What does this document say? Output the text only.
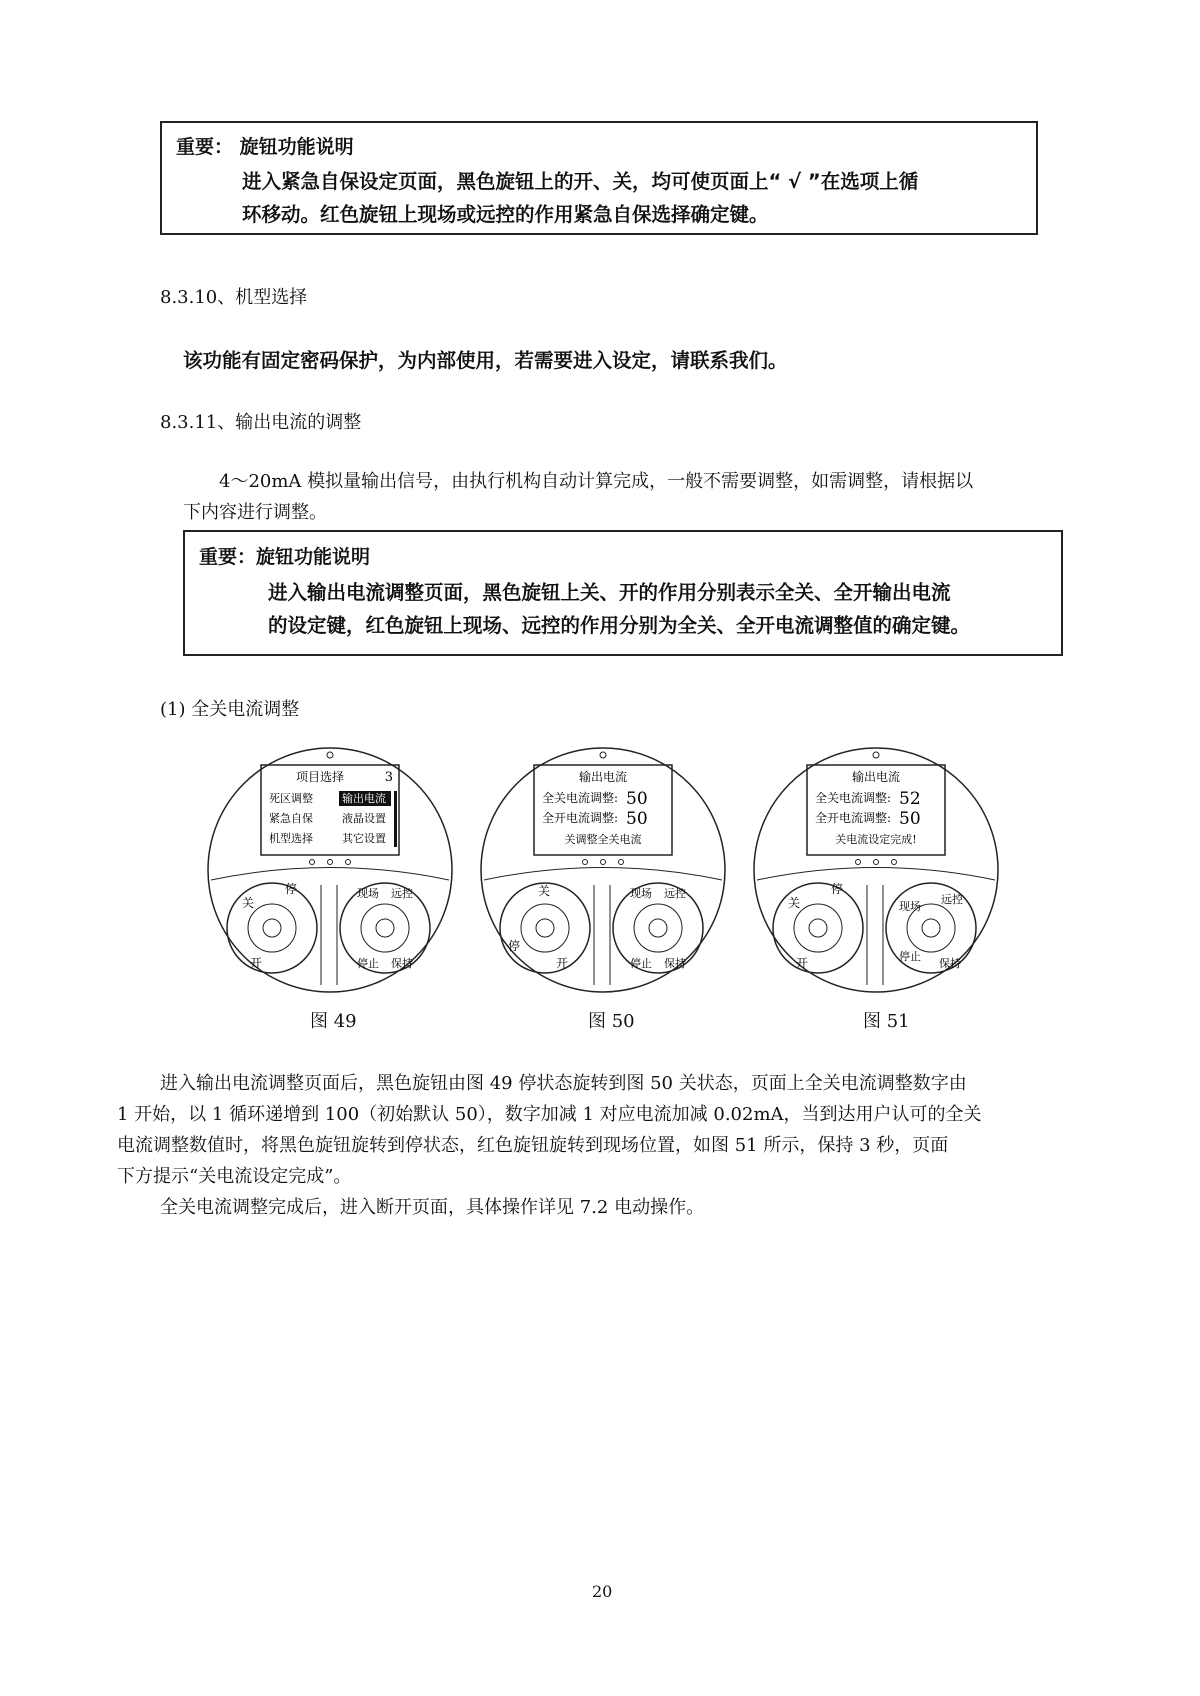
重要： 旋钮功能说明
进入紧急自保设定页面，黑色旋钮上的开、关，均可使页面上“ √ ”在选项上循
环移动。红色旋钮上现场或远控的作用紧急自保选择确定键。
8.3.10、机型选择
该功能有固定密码保护，为内部使用，若需要进入设定，请联系我们。
8.3.11、输出电流的调整
4～20mA 模拟量输出信号，由执行机构自动计算完成，一般不需要调整，如需调整，请根据以
下内容进行调整。
重要：旋钮功能说明
进入输出电流调整页面，黑色旋钮上关、开的作用分别表示全关、全开输出电流
的设定键，红色旋钮上现场、远控的作用分别为全关、全开电流调整值的确定键。
(1) 全关电流调整
项目选择	3
死区调整	输出电流
紧急自保	液晶设置
机型选择	其它设置
关
停
开
现场 远控
停止 保持
图 49
输出电流
全关电流调整: 50
全开电流调整: 50
关调整全关电流
关
停
开
现场 远控
停止 保持
图 50
输出电流
全关电流调整: 52
全开电流调整: 50
关电流设定完成!
关
停
开
现场
远控
停止
保持
图 51
进入输出电流调整页面后，黑色旋钮由图 49 停状态旋转到图 50 关状态，页面上全关电流调整数字由
1 开始，以 1 循环递增到 100（初始默认 50），数字加减 1 对应电流加减 0.02mA，当到达用户认可的全关
电流调整数值时，将黑色旋钮旋转到停状态，红色旋钮旋转到现场位置，如图 51 所示，保持 3 秒，页面
下方提示“关电流设定完成”。
全关电流调整完成后，进入断开页面，具体操作详见 7.2 电动操作。
20
